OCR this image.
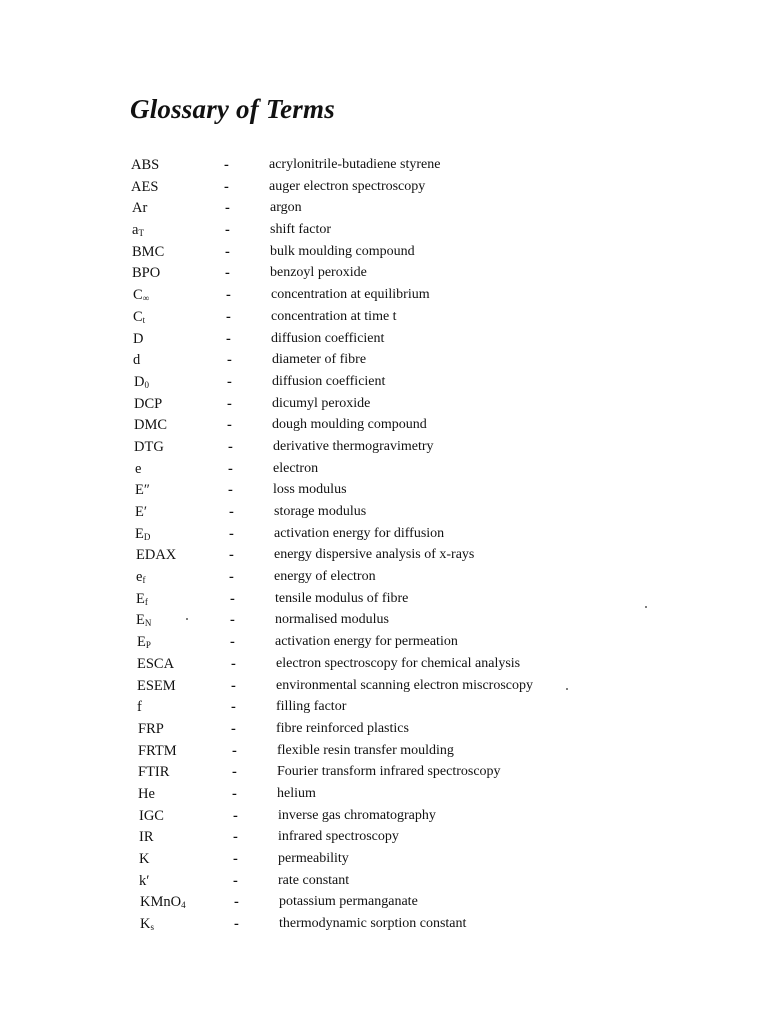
Glossary of Terms
ABS	-	acrylonitrile-butadiene styrene
AES	-	auger electron spectroscopy
Ar	-	argon
$a_T$	-	shift factor
BMC	-	bulk moulding compound
BPO	-	benzoyl peroxide
$C_\infty$	-	concentration at equilibrium
$C_t$	-	concentration at time t
D	-	diffusion coefficient
d	-	diameter of fibre
$D_0$	-	diffusion coefficient
DCP	-	dicumyl peroxide
DMC	-	dough moulding compound
DTG	-	derivative thermogravimetry
e	-	electron
E″	-	loss modulus
E′	-	storage modulus
$E_D$	-	activation energy for diffusion
EDAX	-	energy dispersive analysis of x-rays
$e_f$	-	energy of electron
$E_f$	-	tensile modulus of fibre
$E_N$	-	normalised modulus
$E_P$	-	activation energy for permeation
ESCA	-	electron spectroscopy for chemical analysis
ESEM	-	environmental scanning electron miscroscopy
f	-	filling factor
FRP	-	fibre reinforced plastics
FRTM	-	flexible resin transfer moulding
FTIR	-	Fourier transform infrared spectroscopy
He	-	helium
IGC	-	inverse gas chromatography
IR	-	infrared spectroscopy
K	-	permeability
k′	-	rate constant
KMnO$_4$	-	potassium permanganate
$K_s$	-	thermodynamic sorption constant
